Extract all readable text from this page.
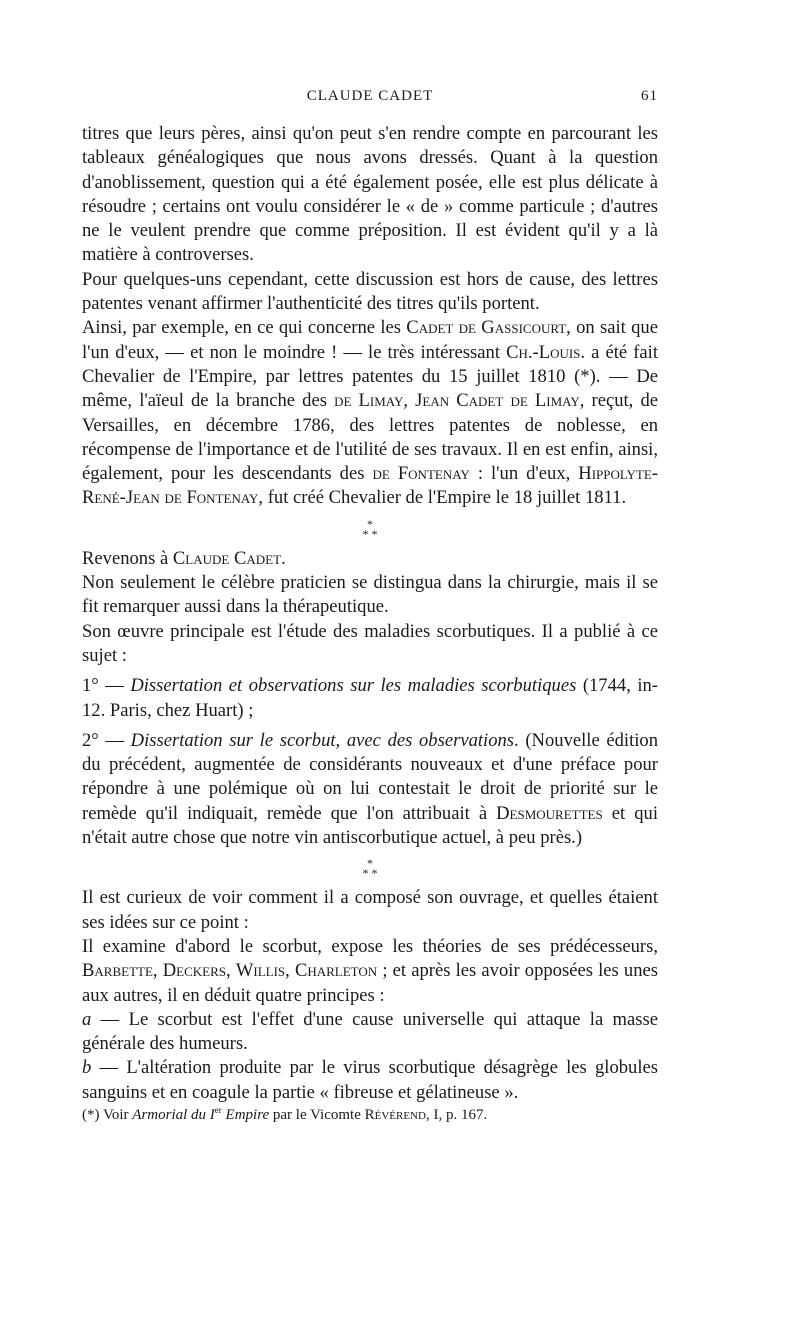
CLAUDE CADET	61

titres que leurs pères, ainsi qu'on peut s'en rendre compte en parcourant les tableaux généalogiques que nous avons dressés. Quant à la question d'anoblissement, question qui a été également posée, elle est plus délicate à résoudre ; certains ont voulu considérer le « de » comme particule ; d'autres ne le veulent prendre que comme préposition. Il est évident qu'il y a là matière à controverses.

Pour quelques-uns cependant, cette discussion est hors de cause, des lettres patentes venant affirmer l'authenticité des titres qu'ils portent.

Ainsi, par exemple, en ce qui concerne les Cadet de Gassicourt, on sait que l'un d'eux, — et non le moindre ! — le très intéressant Ch.-Louis. a été fait Chevalier de l'Empire, par lettres patentes du 15 juillet 1810 (*). — De même, l'aïeul de la branche des de Limay, Jean Cadet de Limay, reçut, de Versailles, en décembre 1786, des lettres patentes de noblesse, en récompense de l'importance et de l'utilité de ses travaux. Il en est enfin, ainsi, également, pour les descendants des de Fontenay : l'un d'eux, Hippolyte-René-Jean de Fontenay, fut créé Chevalier de l'Empire le 18 juillet 1811.

*
* *

Revenons à Claude Cadet.

Non seulement le célèbre praticien se distingua dans la chirurgie, mais il se fit remarquer aussi dans la thérapeutique.

Son œuvre principale est l'étude des maladies scorbutiques. Il a publié à ce sujet :

1° — Dissertation et observations sur les maladies scorbutiques (1744, in-12. Paris, chez Huart) ;

2° — Dissertation sur le scorbut, avec des observations. (Nouvelle édition du précédent, augmentée de considérants nouveaux et d'une préface pour répondre à une polémique où on lui contestait le droit de priorité sur le remède qu'il indiquait, remède que l'on attribuait à Desmourettes et qui n'était autre chose que notre vin antiscorbutique actuel, à peu près.)

*
* *

Il est curieux de voir comment il a composé son ouvrage, et quelles étaient ses idées sur ce point :

Il examine d'abord le scorbut, expose les théories de ses prédécesseurs, Barbette, Deckers, Willis, Charleton ; et après les avoir opposées les unes aux autres, il en déduit quatre principes :

a — Le scorbut est l'effet d'une cause universelle qui attaque la masse générale des humeurs.

b — L'altération produite par le virus scorbutique désagrège les globules sanguins et en coagule la partie « fibreuse et gélatineuse ».

(*) Voir Armorial du Ier Empire par le Vicomte Révérend, I, p. 167.
